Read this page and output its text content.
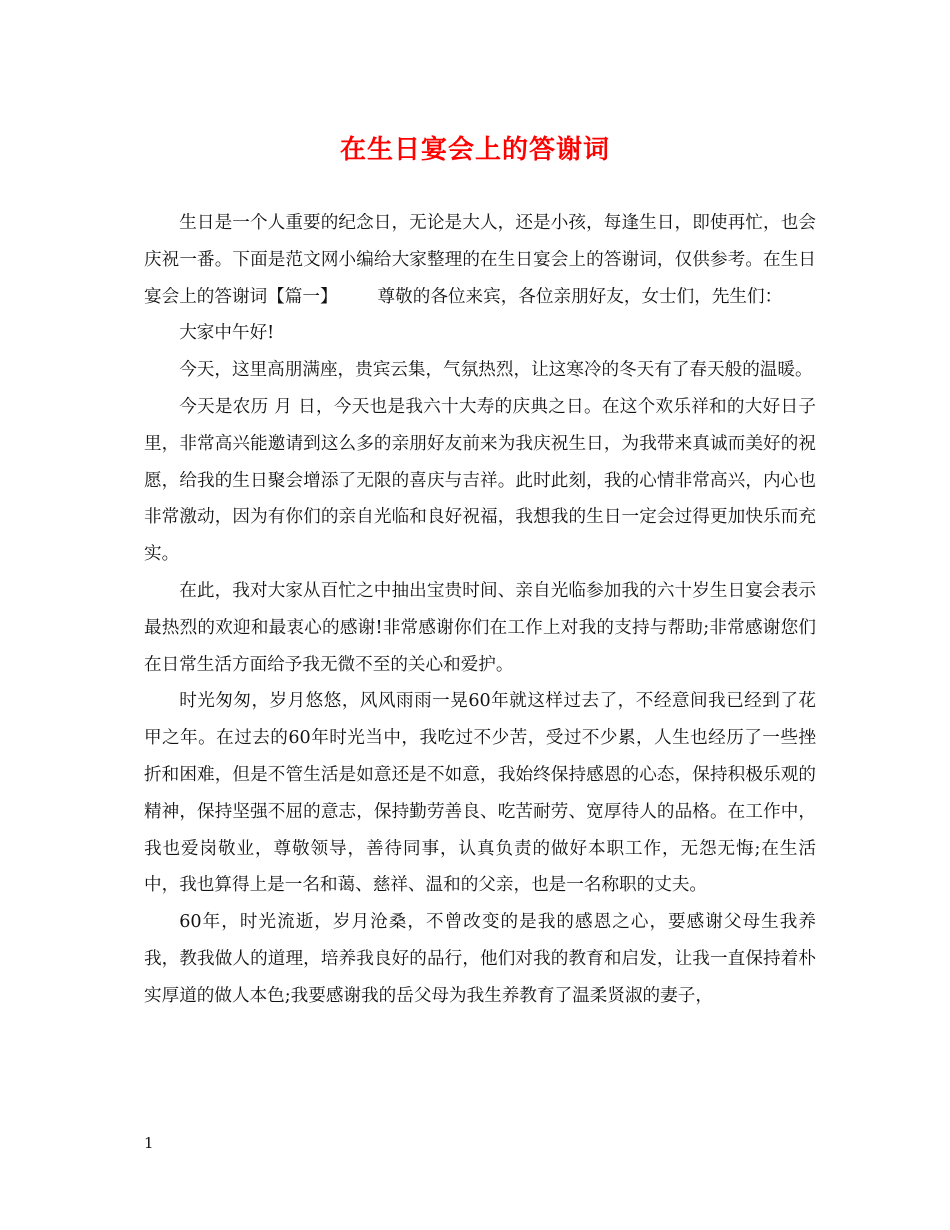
在生日宴会上的答谢词

生日是一个人重要的纪念日，无论是大人，还是小孩，每逢生日，即使再忙，也会庆祝一番。下面是范文网小编给大家整理的在生日宴会上的答谢词，仅供参考。在生日宴会上的答谢词【篇一】 尊敬的各位来宾，各位亲朋好友，女士们，先生们：

大家中午好!

今天，这里高朋满座，贵宾云集，气氛热烈，让这寒冷的冬天有了春天般的温暖。

今天是农历 月 日，今天也是我六十大寿的庆典之日。在这个欢乐祥和的大好日子里，非常高兴能邀请到这么多的亲朋好友前来为我庆祝生日，为我带来真诚而美好的祝愿，给我的生日聚会增添了无限的喜庆与吉祥。此时此刻，我的心情非常高兴，内心也非常激动，因为有你们的亲自光临和良好祝福，我想我的生日一定会过得更加快乐而充实。

在此，我对大家从百忙之中抽出宝贵时间、亲自光临参加我的六十岁生日宴会表示最热烈的欢迎和最衷心的感谢!非常感谢你们在工作上对我的支持与帮助;非常感谢您们在日常生活方面给予我无微不至的关心和爱护。

时光匆匆，岁月悠悠，风风雨雨一晃60年就这样过去了，不经意间我已经到了花甲之年。在过去的60年时光当中，我吃过不少苦，受过不少累，人生也经历了一些挫折和困难，但是不管生活是如意还是不如意，我始终保持感恩的心态，保持积极乐观的精神，保持坚强不屈的意志，保持勤劳善良、吃苦耐劳、宽厚待人的品格。在工作中，我也爱岗敬业，尊敬领导，善待同事，认真负责的做好本职工作，无怨无悔;在生活中，我也算得上是一名和蔼、慈祥、温和的父亲，也是一名称职的丈夫。

60年，时光流逝，岁月沧桑，不曾改变的是我的感恩之心，要感谢父母生我养我，教我做人的道理，培养我良好的品行，他们对我的教育和启发，让我一直保持着朴实厚道的做人本色;我要感谢我的岳父母为我生养教育了温柔贤淑的妻子，

1
